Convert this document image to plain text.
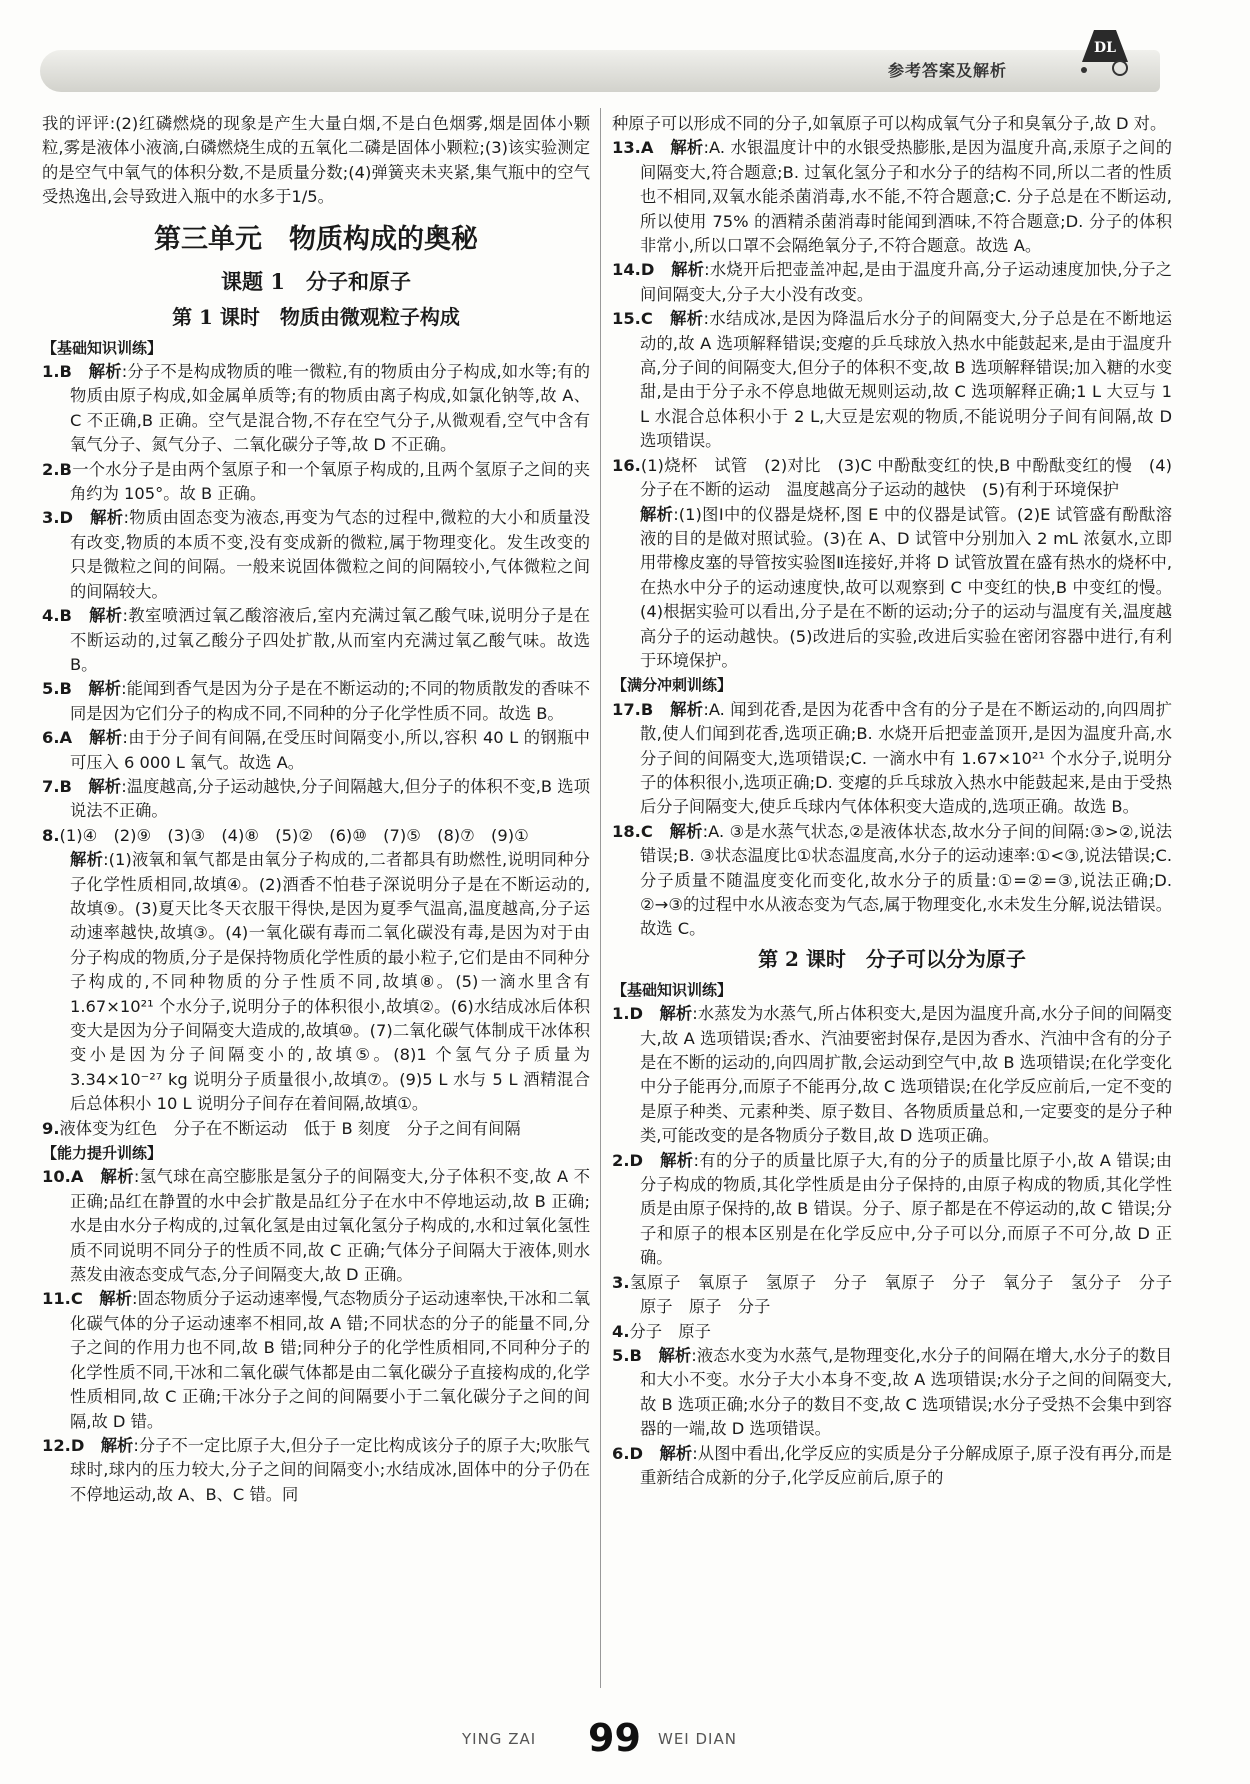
参考答案及解析
DL
我的评评:(2)红磷燃烧的现象是产生大量白烟,不是白色烟雾,烟是固体小颗粒,雾是液体小液滴,白磷燃烧生成的五氧化二磷是固体小颗粒;(3)该实验测定的是空气中氧气的体积分数,不是质量分数;(4)弹簧夹未夹紧,集气瓶中的空气受热逸出,会导致进入瓶中的水多于1/5。
第三单元　物质构成的奥秘
课题 1　分子和原子
第 1 课时　物质由微观粒子构成
【基础知识训练】
1.B　 解析:分子不是构成物质的唯一微粒,有的物质由分子构成,如水等;有的物质由原子构成,如金属单质等;有的物质由离子构成,如氯化钠等,故 A、C 不正确,B 正确。空气是混合物,不存在空气分子,从微观看,空气中含有氧气分子、氮气分子、二氧化碳分子等,故 D 不正确。
2.B一个水分子是由两个氢原子和一个氧原子构成的,且两个氢原子之间的夹角约为 105°。故 B 正确。
3.D　 解析:物质由固态变为液态,再变为气态的过程中,微粒的大小和质量没有改变,物质的本质不变,没有变成新的微粒,属于物理变化。发生改变的只是微粒之间的间隔。一般来说固体微粒之间的间隔较小,气体微粒之间的间隔较大。
4.B　 解析:教室喷洒过氧乙酸溶液后,室内充满过氧乙酸气味,说明分子是在不断运动的,过氧乙酸分子四处扩散,从而室内充满过氧乙酸气味。故选 B。
5.B　 解析:能闻到香气是因为分子是在不断运动的;不同的物质散发的香味不同是因为它们分子的构成不同,不同种的分子化学性质不同。故选 B。
6.A　 解析:由于分子间有间隔,在受压时间隔变小,所以,容积 40 L 的钢瓶中可压入 6 000 L 氧气。故选 A。
7.B　 解析:温度越高,分子运动越快,分子间隔越大,但分子的体积不变,B 选项说法不正确。
8.(1)④　(2)⑨　(3)③　(4)⑧　(5)②　(6)⑩　(7)⑤　(8)⑦　(9)①
解析:(1)液氧和氧气都是由氧分子构成的,二者都具有助燃性,说明同种分子化学性质相同,故填④。(2)酒香不怕巷子深说明分子是在不断运动的,故填⑨。(3)夏天比冬天衣服干得快,是因为夏季气温高,温度越高,分子运动速率越快,故填③。(4)一氧化碳有毒而二氧化碳没有毒,是因为对于由分子构成的物质,分子是保持物质化学性质的最小粒子,它们是由不同种分子构成的,不同种物质的分子性质不同,故填⑧。(5)一滴水里含有 1.67×10²¹ 个水分子,说明分子的体积很小,故填②。(6)水结成冰后体积变大是因为分子间隔变大造成的,故填⑩。(7)二氧化碳气体制成干冰体积变小是因为分子间隔变小的,故填⑤。(8)1 个氢气分子质量为 3.34×10⁻²⁷ kg 说明分子质量很小,故填⑦。(9)5 L 水与 5 L 酒精混合后总体积小 10 L 说明分子间存在着间隔,故填①。
9.液体变为红色　分子在不断运动　低于 B 刻度　分子之间有间隔
【能力提升训练】
10.A　 解析:氢气球在高空膨胀是氢分子的间隔变大,分子体积不变,故 A 不正确;品红在静置的水中会扩散是品红分子在水中不停地运动,故 B 正确;水是由水分子构成的,过氧化氢是由过氧化氢分子构成的,水和过氧化氢性质不同说明不同分子的性质不同,故 C 正确;气体分子间隔大于液体,则水蒸发由液态变成气态,分子间隔变大,故 D 正确。
11.C　 解析:固态物质分子运动速率慢,气态物质分子运动速率快,干冰和二氧化碳气体的分子运动速率不相同,故 A 错;不同状态的分子的能量不同,分子之间的作用力也不同,故 B 错;同种分子的化学性质相同,不同种分子的化学性质不同,干冰和二氧化碳气体都是由二氧化碳分子直接构成的,化学性质相同,故 C 正确;干冰分子之间的间隔要小于二氧化碳分子之间的间隔,故 D 错。
12.D　 解析:分子不一定比原子大,但分子一定比构成该分子的原子大;吹胀气球时,球内的压力较大,分子之间的间隔变小;水结成冰,固体中的分子仍在不停地运动,故 A、B、C 错。同
种原子可以形成不同的分子,如氧原子可以构成氧气分子和臭氧分子,故 D 对。
13.A　 解析:A. 水银温度计中的水银受热膨胀,是因为温度升高,汞原子之间的间隔变大,符合题意;B. 过氧化氢分子和水分子的结构不同,所以二者的性质也不相同,双氧水能杀菌消毒,水不能,不符合题意;C. 分子总是在不断运动,所以使用 75% 的酒精杀菌消毒时能闻到酒味,不符合题意;D. 分子的体积非常小,所以口罩不会隔绝氧分子,不符合题意。故选 A。
14.D　 解析:水烧开后把壶盖冲起,是由于温度升高,分子运动速度加快,分子之间间隔变大,分子大小没有改变。
15.C　 解析:水结成冰,是因为降温后水分子的间隔变大,分子总是在不断地运动的,故 A 选项解释错误;变瘪的乒乓球放入热水中能鼓起来,是由于温度升高,分子间的间隔变大,但分子的体积不变,故 B 选项解释错误;加入糖的水变甜,是由于分子永不停息地做无规则运动,故 C 选项解释正确;1 L 大豆与 1 L 水混合总体积小于 2 L,大豆是宏观的物质,不能说明分子间有间隔,故 D 选项错误。
16.(1)烧杯　试管　(2)对比　(3)C 中酚酞变红的快,B 中酚酞变红的慢　(4)分子在不断的运动　温度越高分子运动的越快　(5)有利于环境保护
解析:(1)图Ⅰ中的仪器是烧杯,图 E 中的仪器是试管。(2)E 试管盛有酚酞溶液的目的是做对照试验。(3)在 A、D 试管中分别加入 2 mL 浓氨水,立即用带橡皮塞的导管按实验图Ⅱ连接好,并将 D 试管放置在盛有热水的烧杯中,在热水中分子的运动速度快,故可以观察到 C 中变红的快,B 中变红的慢。(4)根据实验可以看出,分子是在不断的运动;分子的运动与温度有关,温度越高分子的运动越快。(5)改进后的实验,改进后实验在密闭容器中进行,有利于环境保护。
【满分冲刺训练】
17.B　 解析:A. 闻到花香,是因为花香中含有的分子是在不断运动的,向四周扩散,使人们闻到花香,选项正确;B. 水烧开后把壶盖顶开,是因为温度升高,水分子间的间隔变大,选项错误;C. 一滴水中有 1.67×10²¹ 个水分子,说明分子的体积很小,选项正确;D. 变瘪的乒乓球放入热水中能鼓起来,是由于受热后分子间隔变大,使乒乓球内气体体积变大造成的,选项正确。故选 B。
18.C　 解析:A. ③是水蒸气状态,②是液体状态,故水分子间的间隔:③>②,说法错误;B. ③状态温度比①状态温度高,水分子的运动速率:①<③,说法错误;C. 分子质量不随温度变化而变化,故水分子的质量:①=②=③,说法正确;D. ②→③的过程中水从液态变为气态,属于物理变化,水未发生分解,说法错误。故选 C。
第 2 课时　分子可以分为原子
【基础知识训练】
1.D　 解析:水蒸发为水蒸气,所占体积变大,是因为温度升高,水分子间的间隔变大,故 A 选项错误;香水、汽油要密封保存,是因为香水、汽油中含有的分子是在不断的运动的,向四周扩散,会运动到空气中,故 B 选项错误;在化学变化中分子能再分,而原子不能再分,故 C 选项错误;在化学反应前后,一定不变的是原子种类、元素种类、原子数目、各物质质量总和,一定要变的是分子种类,可能改变的是各物质分子数目,故 D 选项正确。
2.D　 解析:有的分子的质量比原子大,有的分子的质量比原子小,故 A 错误;由分子构成的物质,其化学性质是由分子保持的,由原子构成的物质,其化学性质是由原子保持的,故 B 错误。分子、原子都是在不停运动的,故 C 错误;分子和原子的根本区别是在化学反应中,分子可以分,而原子不可分,故 D 正确。
3.氢原子　氧原子　氢原子　分子　氧原子　分子　氧分子　氢分子　分子　原子　原子　分子
4.分子　原子
5.B　 解析:液态水变为水蒸气,是物理变化,水分子的间隔在增大,水分子的数目和大小不变。水分子大小本身不变,故 A 选项错误;水分子之间的间隔变大,故 B 选项正确;水分子的数目不变,故 C 选项错误;水分子受热不会集中到容器的一端,故 D 选项错误。
6.D　 解析:从图中看出,化学反应的实质是分子分解成原子,原子没有再分,而是重新结合成新的分子,化学反应前后,原子的
YING ZAI 99 WEI DIAN
